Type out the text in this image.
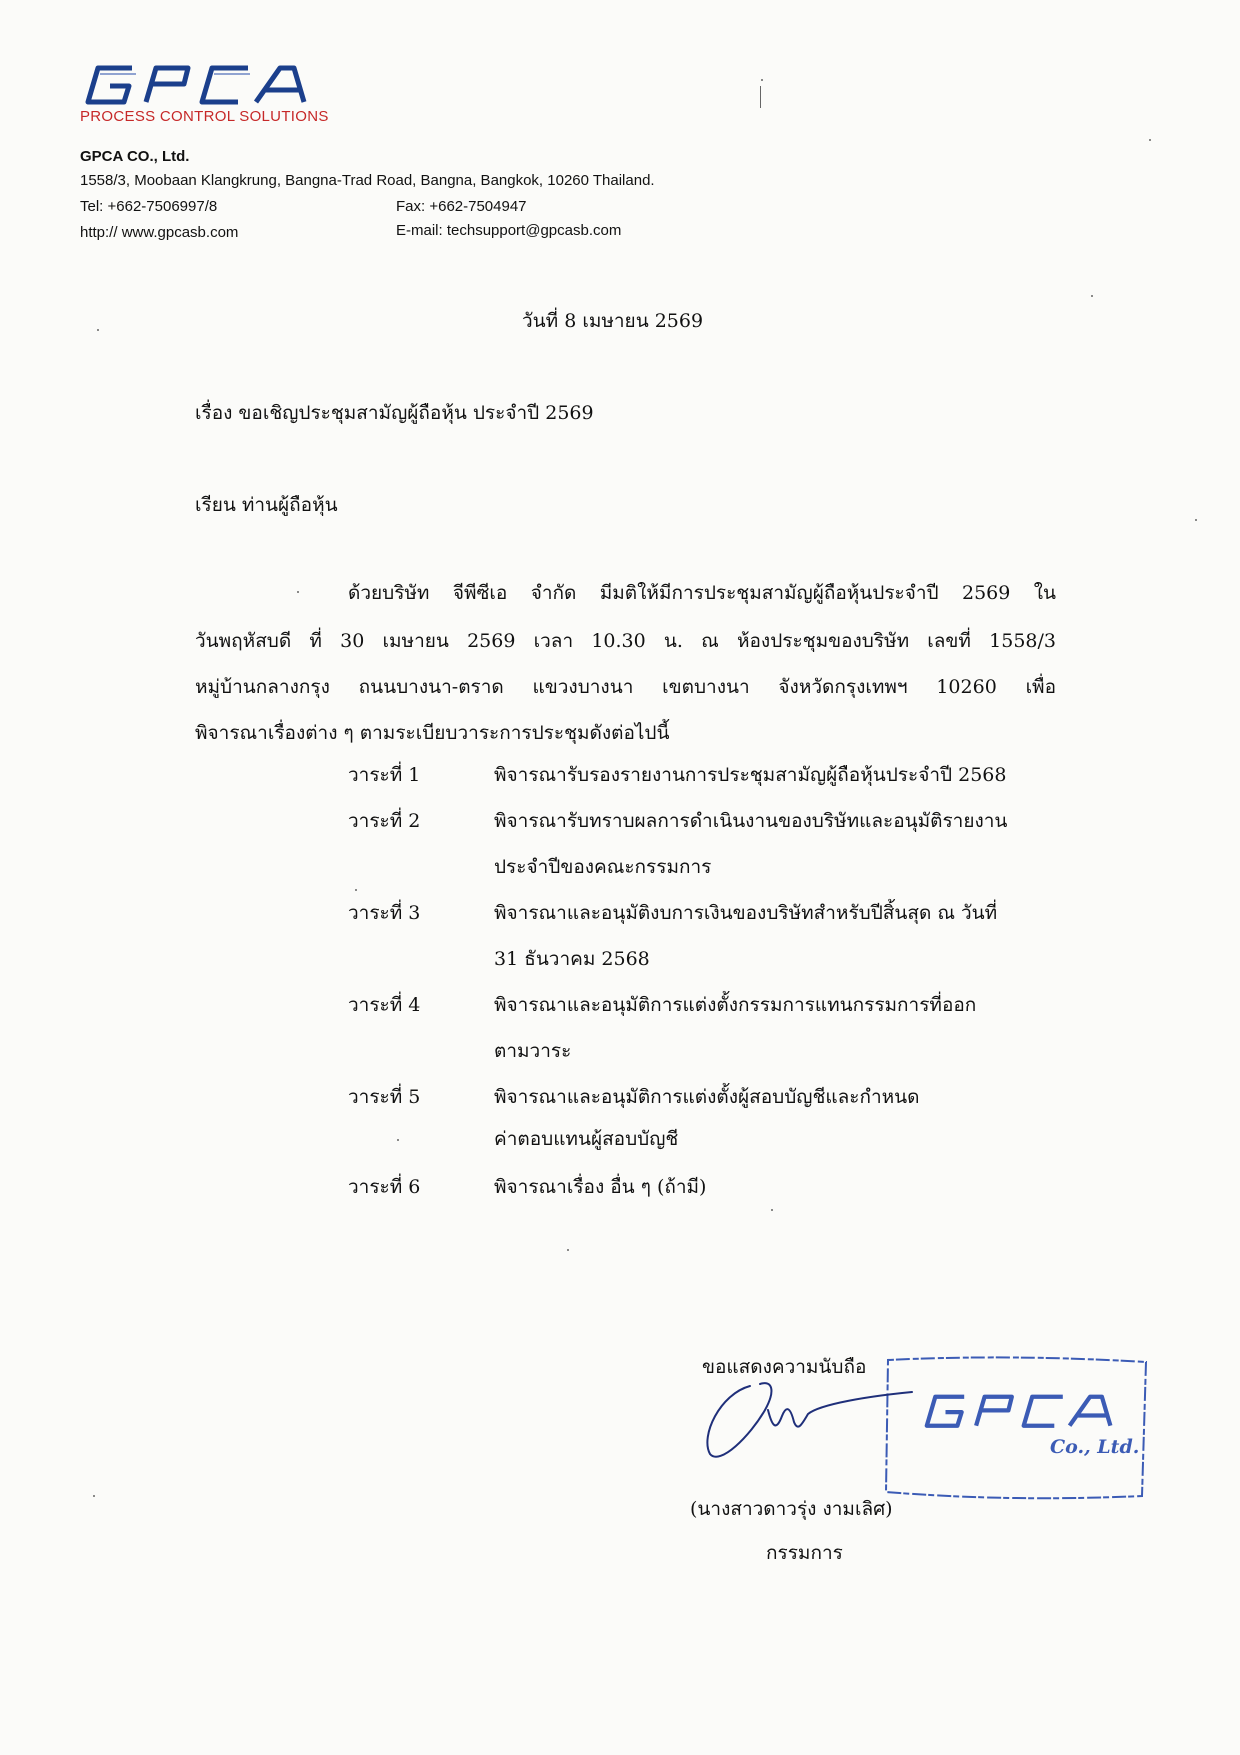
PROCESS CONTROL SOLUTIONS
GPCA CO., Ltd.
1558/3, Moobaan Klangkrung, Bangna-Trad Road, Bangna, Bangkok, 10260 Thailand.
Tel: +662-7506997/8	Fax: +662-7504947
http:// www.gpcasb.com	E-mail: techsupport@gpcasb.com
วันที่ 8 เมษายน 2569
เรื่อง ขอเชิญประชุมสามัญผู้ถือหุ้น ประจำปี 2569
เรียน ท่านผู้ถือหุ้น
ด้วยบริษัท จีพีซีเอ จำกัด มีมติให้มีการประชุมสามัญผู้ถือหุ้นประจำปี 2569 ใน
วันพฤหัสบดี ที่ 30 เมษายน 2569 เวลา 10.30 น. ณ ห้องประชุมของบริษัท เลขที่ 1558/3
หมู่บ้านกลางกรุง ถนนบางนา-ตราด แขวงบางนา เขตบางนา จังหวัดกรุงเทพฯ 10260 เพื่อ
พิจารณาเรื่องต่าง ๆ ตามระเบียบวาระการประชุมดังต่อไปนี้
วาระที่ 1	พิจารณารับรองรายงานการประชุมสามัญผู้ถือหุ้นประจำปี 2568
วาระที่ 2	พิจารณารับทราบผลการดำเนินงานของบริษัทและอนุมัติรายงาน
ประจำปีของคณะกรรมการ
วาระที่ 3	พิจารณาและอนุมัติงบการเงินของบริษัทสำหรับปีสิ้นสุด ณ วันที่
31 ธันวาคม 2568
วาระที่ 4	พิจารณาและอนุมัติการแต่งตั้งกรรมการแทนกรรมการที่ออก
ตามวาระ
วาระที่ 5	พิจารณาและอนุมัติการแต่งตั้งผู้สอบบัญชีและกำหนด
ค่าตอบแทนผู้สอบบัญชี
วาระที่ 6	พิจารณาเรื่อง อื่น ๆ (ถ้ามี)
ขอแสดงความนับถือ
Co., Ltd.
(นางสาวดาวรุ่ง งามเลิศ)
กรรมการ
